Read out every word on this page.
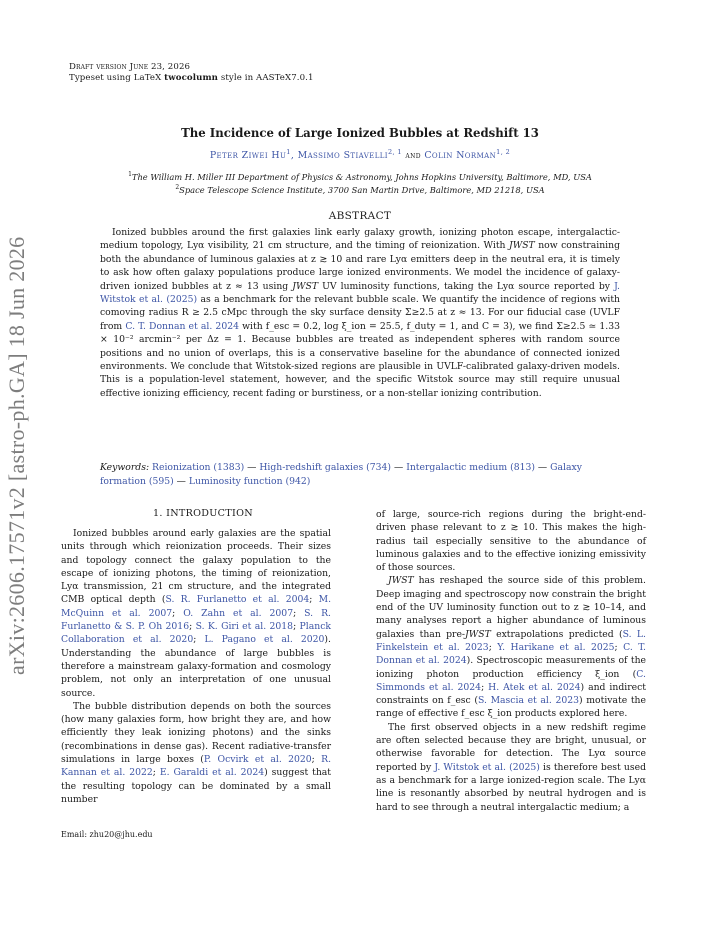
Draft version June 23, 2026
Typeset using LaTeX twocolumn style in AASTeX7.0.1
arXiv:2606.17571v2 [astro-ph.GA] 18 Jun 2026
The Incidence of Large Ionized Bubbles at Redshift 13
Peter Ziwei Hu$^1$, Massimo Stiavelli$^{2, 1}$ and Colin Norman$^{1, 2}$
$^1$The William H. Miller III Department of Physics & Astronomy, Johns Hopkins University, Baltimore, MD, USA
$^2$Space Telescope Science Institute, 3700 San Martin Drive, Baltimore, MD 21218, USA
ABSTRACT
Ionized bubbles around the first galaxies link early galaxy growth, ionizing photon escape, intergalactic-medium topology, Lyα visibility, 21 cm structure, and the timing of reionization. With JWST now constraining both the abundance of luminous galaxies at z ≳ 10 and rare Lyα emitters deep in the neutral era, it is timely to ask how often galaxy populations produce large ionized environments. We model the incidence of galaxy-driven ionized bubbles at z ≈ 13 using JWST UV luminosity functions, taking the Lyα source reported by J. Witstok et al. (2025) as a benchmark for the relevant bubble scale. We quantify the incidence of regions with comoving radius R ≥ 2.5 cMpc through the sky surface density Σ≥2.5 at z ≈ 13. For our fiducial case (UVLF from C. T. Donnan et al. 2024 with f_esc = 0.2, log ξ_ion = 25.5, f_duty = 1, and C = 3), we find Σ≥2.5 ≃ 1.33 × 10⁻² arcmin⁻² per Δz = 1. Because bubbles are treated as independent spheres with random source positions and no union of overlaps, this is a conservative baseline for the abundance of connected ionized environments. We conclude that Witstok-sized regions are plausible in UVLF-calibrated galaxy-driven models. This is a population-level statement, however, and the specific Witstok source may still require unusual effective ionizing efficiency, recent fading or burstiness, or a non-stellar ionizing contribution.
Keywords: Reionization (1383) — High-redshift galaxies (734) — Intergalactic medium (813) — Galaxy formation (595) — Luminosity function (942)
1. INTRODUCTION

Ionized bubbles around early galaxies are the spatial units through which reionization proceeds. Their sizes and topology connect the galaxy population to the escape of ionizing photons, the timing of reionization, Lyα transmission, 21 cm structure, and the integrated CMB optical depth (S. R. Furlanetto et al. 2004; M. McQuinn et al. 2007; O. Zahn et al. 2007; S. R. Furlanetto & S. P. Oh 2016; S. K. Giri et al. 2018; Planck Collaboration et al. 2020; L. Pagano et al. 2020). Understanding the abundance of large bubbles is therefore a mainstream galaxy-formation and cosmology problem, not only an interpretation of one unusual source.

The bubble distribution depends on both the sources (how many galaxies form, how bright they are, and how efficiently they leak ionizing photons) and the sinks (recombinations in dense gas). Recent radiative-transfer simulations in large boxes (P. Ocvirk et al. 2020; R. Kannan et al. 2022; E. Garaldi et al. 2024) suggest that the resulting topology can be dominated by a small number

Email: zhu20@jhu.edu

of large, source-rich regions during the bright-end-driven phase relevant to z ≳ 10. This makes the high-radius tail especially sensitive to the abundance of luminous galaxies and to the effective ionizing emissivity of those sources.

JWST has reshaped the source side of this problem. Deep imaging and spectroscopy now constrain the bright end of the UV luminosity function out to z ≳ 10–14, and many analyses report a higher abundance of luminous galaxies than pre-JWST extrapolations predicted (S. L. Finkelstein et al. 2023; Y. Harikane et al. 2025; C. T. Donnan et al. 2024). Spectroscopic measurements of the ionizing photon production efficiency ξ_ion (C. Simmonds et al. 2024; H. Atek et al. 2024) and indirect constraints on f_esc (S. Mascia et al. 2023) motivate the range of effective f_esc ξ_ion products explored here.

The first observed objects in a new redshift regime are often selected because they are bright, unusual, or otherwise favorable for detection. The Lyα source reported by J. Witstok et al. (2025) is therefore best used as a benchmark for a large ionized-region scale. The Lyα line is resonantly absorbed by neutral hydrogen and is hard to see through a neutral intergalactic medium; a
